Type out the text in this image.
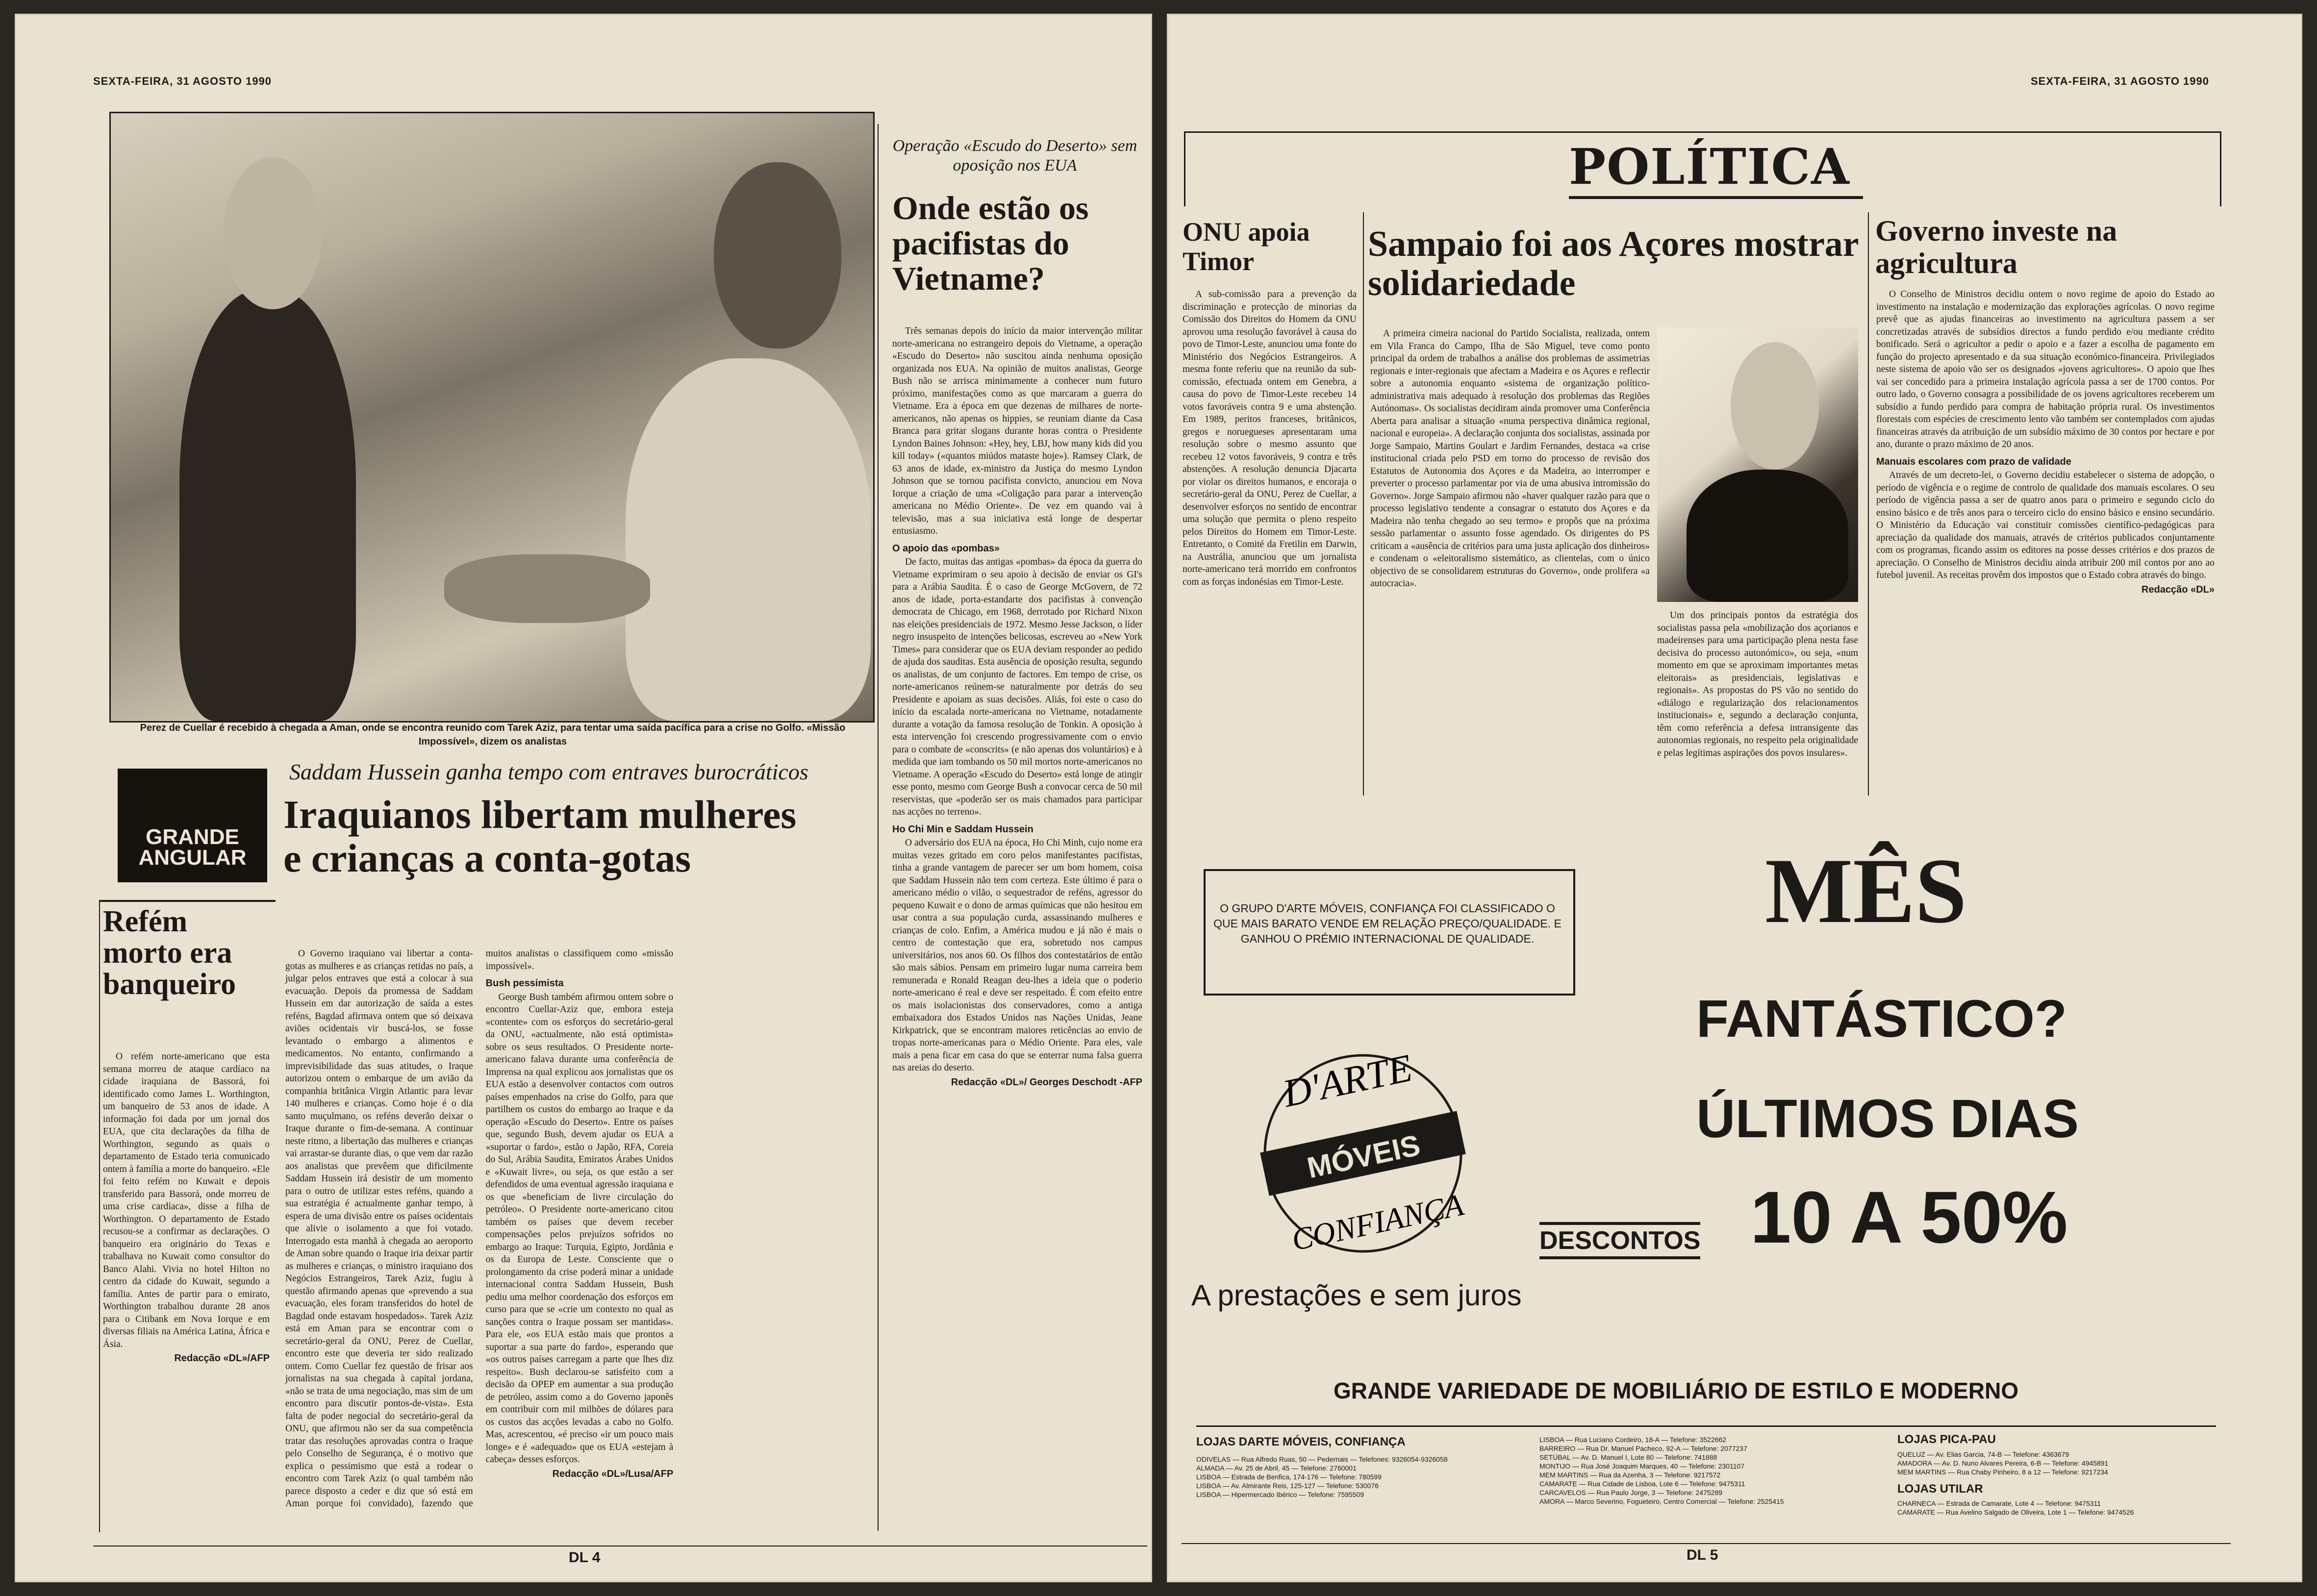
SEXTA-FEIRA, 31 AGOSTO 1990
Perez de Cuellar é recebido à chegada a Aman, onde se encontra reunido com Tarek Aziz, para tentar uma saída pacífica para a crise no Golfo. «Missão Impossível», dizem os analistas
GRANDE
ANGULAR
Saddam Hussein ganha tempo com entraves burocráticos
Iraquianos libertam mulheres e crianças a conta-gotas
Refém morto era banqueiro

O refém norte-americano que esta semana morreu de ataque cardíaco na cidade iraquiana de Bassorá, foi identificado como James L. Worthington, um banqueiro de 53 anos de idade. A informação foi dada por um jornal dos EUA, que cita declarações da filha de Worthington, segundo as quais o departamento de Estado teria comunicado ontem à família a morte do banqueiro. «Ele foi feito refém no Kuwait e depois transferido para Bassorá, onde morreu de uma crise cardíaca», disse a filha de Worthington. O departamento de Estado recusou-se a confirmar as declarações. O banqueiro era originário do Texas e trabalhava no Kuwait como consultor do Banco Alahi. Vivia no hotel Hilton no centro da cidade do Kuwait, segundo a família. Antes de partir para o emirato, Worthington trabalhou durante 28 anos para o Citibank em Nova Iorque e em diversas filiais na América Latina, África e Ásia.

Redacção «DL»/AFP

O Governo iraquiano vai libertar a conta-gotas as mulheres e as crianças retidas no país, a julgar pelos entraves que está a colocar à sua evacuação. Depois da promessa de Saddam Hussein em dar autorização de saída a estes reféns, Bagdad afirmava ontem que só deixava aviões ocidentais vir buscá-los, se fosse levantado o embargo a alimentos e medicamentos. No entanto, confirmando a imprevisibilidade das suas atitudes, o Iraque autorizou ontem o embarque de um avião da companhia britânica Virgin Atlantic para levar 140 mulheres e crianças. Como hoje é o dia santo muçulmano, os reféns deverão deixar o Iraque durante o fim-de-semana. A continuar neste ritmo, a libertação das mulheres e crianças vai arrastar-se durante dias, o que vem dar razão aos analistas que prevêem que dificilmente Saddam Hussein irá desistir de um momento para o outro de utilizar estes reféns, quando a sua estratégia é actualmente ganhar tempo, à espera de uma divisão entre os países ocidentais que alivie o isolamento a que foi votado. Interrogado esta manhã à chegada ao aeroporto de Aman sobre quando o Iraque iria deixar partir as mulheres e crianças, o ministro iraquiano dos Negócios Estrangeiros, Tarek Aziz, fugiu à questão afirmando apenas que «prevendo a sua evacuação, eles foram transferidos do hotel de Bagdad onde estavam hospedados». Tarek Aziz está em Aman para se encontrar com o secretário-geral da ONU, Perez de Cuellar, encontro este que deveria ter sido realizado ontem. Como Cuellar fez questão de frisar aos jornalistas na sua chegada à capital jordana, «não se trata de uma negociação, mas sim de um encontro para discutir pontos-de-vista». Esta falta de poder negocial do secretário-geral da ONU, que afirmou não ser da sua competência tratar das resoluções aprovadas contra o Iraque pelo Conselho de Segurança, é o motivo que explica o pessimismo que está a rodear o encontro com Tarek Aziz (o qual também não parece disposto a ceder e diz que só está em Aman porque foi convidado), fazendo que muitos analistas o classifiquem como «missão impossível».

Bush pessimista

George Bush também afirmou ontem sobre o encontro Cuellar-Aziz que, embora esteja «contente» com os esforços do secretário-geral da ONU, «actualmente, não está optimista» sobre os seus resultados. O Presidente norte-americano falava durante uma conferência de Imprensa na qual explicou aos jornalistas que os EUA estão a desenvolver contactos com outros países empenhados na crise do Golfo, para que partilhem os custos do embargo ao Iraque e da operação «Escudo do Deserto». Entre os países que, segundo Bush, devem ajudar os EUA a «suportar o fardo», estão o Japão, RFA, Coreia do Sul, Arábia Saudita, Emiratos Árabes Unidos e «Kuwait livre», ou seja, os que estão a ser defendidos de uma eventual agressão iraquiana e os que «beneficiam de livre circulação do petróleo». O Presidente norte-americano citou também os países que devem receber compensações pelos prejuízos sofridos no embargo ao Iraque: Turquia, Egipto, Jordânia e os da Europa de Leste. Consciente que o prolongamento da crise poderá minar a unidade internacional contra Saddam Hussein, Bush pediu uma melhor coordenação dos esforços em curso para que se «crie um contexto no qual as sanções contra o Iraque possam ser mantidas». Para ele, «os EUA estão mais que prontos a suportar a sua parte do fardo», esperando que «os outros países carregam a parte que lhes diz respeito». Bush declarou-se satisfeito com a decisão da OPEP em aumentar a sua produção de petróleo, assim como a do Governo japonês em contribuir com mil milhões de dólares para os custos das acções levadas a cabo no Golfo. Mas, acrescentou, «é preciso «ir um pouco mais longe» e é «adequado» que os EUA «estejam à cabeça» desses esforços.

Redacção «DL»/Lusa/AFP
Operação «Escudo do Deserto» sem oposição nos EUA
Onde estão os pacifistas do Vietname?

Três semanas depois do início da maior intervenção militar norte-americana no estrangeiro depois do Vietname, a operação «Escudo do Deserto» não suscitou ainda nenhuma oposição organizada nos EUA. Na opinião de muitos analistas, George Bush não se arrisca minimamente a conhecer num futuro próximo, manifestações como as que marcaram a guerra do Vietname. Era a época em que dezenas de milhares de norte-americanos, não apenas os hippies, se reuniam diante da Casa Branca para gritar slogans durante horas contra o Presidente Lyndon Baines Johnson: «Hey, hey, LBJ, how many kids did you kill today» («quantos miúdos mataste hoje»). Ramsey Clark, de 63 anos de idade, ex-ministro da Justiça do mesmo Lyndon Johnson que se tornou pacifista convicto, anunciou em Nova Iorque a criação de uma «Coligação para parar a intervenção americana no Médio Oriente». De vez em quando vai à televisão, mas a sua iniciativa está longe de despertar entusiasmo.

O apoio das «pombas»

De facto, muitas das antigas «pombas» da época da guerra do Vietname exprimiram o seu apoio à decisão de enviar os GI's para a Arábia Saudita. É o caso de George McGovern, de 72 anos de idade, porta-estandarte dos pacifistas à convenção democrata de Chicago, em 1968, derrotado por Richard Nixon nas eleições presidenciais de 1972. Mesmo Jesse Jackson, o líder negro insuspeito de intenções belicosas, escreveu ao «New York Times» para considerar que os EUA deviam responder ao pedido de ajuda dos sauditas. Esta ausência de oposição resulta, segundo os analistas, de um conjunto de factores. Em tempo de crise, os norte-americanos reúnem-se naturalmente por detrás do seu Presidente e apoiam as suas decisões. Aliás, foi este o caso do início da escalada norte-americana no Vietname, notadamente durante a votação da famosa resolução de Tonkin. A oposição à esta intervenção foi crescendo progressivamente com o envio para o combate de «conscrits» (e não apenas dos voluntários) e à medida que iam tombando os 50 mil mortos norte-americanos no Vietname. A operação «Escudo do Deserto» está longe de atingir esse ponto, mesmo com George Bush a convocar cerca de 50 mil reservistas, que «poderão ser os mais chamados para participar nas acções no terreno».

Ho Chi Min e Saddam Hussein

O adversário dos EUA na época, Ho Chi Minh, cujo nome era muitas vezes gritado em coro pelos manifestantes pacifistas, tinha a grande vantagem de parecer ser um bom homem, coisa que Saddam Hussein não tem com certeza. Este último é para o americano médio o vilão, o sequestrador de reféns, agressor do pequeno Kuwait e o dono de armas químicas que não hesitou em usar contra a sua população curda, assassinando mulheres e crianças de colo. Enfim, a América mudou e já não é mais o centro de contestação que era, sobretudo nos campus universitários, nos anos 60. Os filhos dos contestatários de então são mais sábios. Pensam em primeiro lugar numa carreira bem remunerada e Ronald Reagan deu-lhes a ideia que o poderio norte-americano é real e deve ser respeitado. É com efeito entre os mais isolacionistas dos conservadores, como a antiga embaixadora dos Estados Unidos nas Nações Unidas, Jeane Kirkpatrick, que se encontram maiores reticências ao envio de tropas norte-americanas para o Médio Oriente. Para eles, vale mais a pena ficar em casa do que se enterrar numa falsa guerra nas areias do deserto.

Redacção «DL»/ Georges Deschodt -AFP
DL 4
SEXTA-FEIRA, 31 AGOSTO 1990
POLÍTICA
ONU apoia Timor

A sub-comissão para a prevenção da discriminação e protecção de minorias da Comissão dos Direitos do Homem da ONU aprovou uma resolução favorável à causa do povo de Timor-Leste, anunciou uma fonte do Ministério dos Negócios Estrangeiros. A mesma fonte referiu que na reunião da sub-comissão, efectuada ontem em Genebra, a causa do povo de Timor-Leste recebeu 14 votos favoráveis contra 9 e uma abstenção. Em 1989, peritos franceses, britânicos, gregos e noruegueses apresentaram uma resolução sobre o mesmo assunto que recebeu 12 votos favoráveis, 9 contra e três abstenções. A resolução denuncia Djacarta por violar os direitos humanos, e encoraja o secretário-geral da ONU, Perez de Cuellar, a desenvolver esforços no sentido de encontrar uma solução que permita o pleno respeito pelos Direitos do Homem em Timor-Leste. Entretanto, o Comité da Fretilin em Darwin, na Austrália, anunciou que um jornalista norte-americano terá morrido em confrontos com as forças indonésias em Timor-Leste.

Sampaio foi aos Açores mostrar solidariedade

A primeira cimeira nacional do Partido Socialista, realizada, ontem em Vila Franca do Campo, Ilha de São Miguel, teve como ponto principal da ordem de trabalhos a análise dos problemas de assimetrias regionais e inter-regionais que afectam a Madeira e os Açores e reflectir sobre a autonomia enquanto «sistema de organização político-administrativa mais adequado à resolução dos problemas das Regiões Autónomas». Os socialistas decidiram ainda promover uma Conferência Aberta para analisar a situação «numa perspectiva dinâmica regional, nacional e europeia». A declaração conjunta dos socialistas, assinada por Jorge Sampaio, Martins Goulart e Jardim Fernandes, destaca «a crise institucional criada pelo PSD em torno do processo de revisão dos Estatutos de Autonomia dos Açores e da Madeira, ao interromper e preverter o processo parlamentar por via de uma abusiva intromissão do Governo». Jorge Sampaio afirmou não «haver qualquer razão para que o processo legislativo tendente a consagrar o estatuto dos Açores e da Madeira não tenha chegado ao seu termo» e propôs que na próxima sessão parlamentar o assunto fosse agendado. Os dirigentes do PS criticam a «ausência de critérios para uma justa aplicação dos dinheiros» e condenam o «eleitoralismo sistemático, as clientelas, com o único objectivo de se consolidarem estruturas do Governo», onde prolifera «a autocracia».

Um dos principais pontos da estratégia dos socialistas passa pela «mobilização dos açorianos e madeirenses para uma participação plena nesta fase decisiva do processo autonómico», ou seja, «num momento em que se aproximam importantes metas eleitorais» as presidenciais, legislativas e regionais». As propostas do PS vão no sentido do «diálogo e regularização dos relacionamentos institucionais» e, segundo a declaração conjunta, têm como referência a defesa intransigente das autonomias regionais, no respeito pela originalidade e pelas legítimas aspirações dos povos insulares».

Governo investe na agricultura

O Conselho de Ministros decidiu ontem o novo regime de apoio do Estado ao investimento na instalação e modernização das explorações agrícolas. O novo regime prevê que as ajudas financeiras ao investimento na agricultura passem a ser concretizadas através de subsídios directos a fundo perdido e/ou mediante crédito bonificado. Será o agricultor a pedir o apoio e a fazer a escolha de pagamento em função do projecto apresentado e da sua situação económico-financeira. Privilegiados neste sistema de apoio vão ser os designados «jovens agricultores». O apoio que lhes vai ser concedido para a primeira instalação agrícola passa a ser de 1700 contos. Por outro lado, o Governo consagra a possibilidade de os jovens agricultores receberem um subsídio a fundo perdido para compra de habitação própria rural. Os investimentos florestais com espécies de crescimento lento vão também ser contemplados com ajudas financeiras através da atribuição de um subsídio máximo de 30 contos por hectare e por ano, durante o prazo máximo de 20 anos.

Manuais escolares com prazo de validade

Através de um decreto-lei, o Governo decidiu estabelecer o sistema de adopção, o período de vigência e o regime de controlo de qualidade dos manuais escolares. O seu período de vigência passa a ser de quatro anos para o primeiro e segundo ciclo do ensino básico e de três anos para o terceiro ciclo do ensino básico e ensino secundário. O Ministério da Educação vai constituir comissões científico-pedagógicas para apreciação da qualidade dos manuais, através de critérios publicados conjuntamente com os programas, ficando assim os editores na posse desses critérios e dos prazos de apreciação. O Conselho de Ministros decidiu ainda atribuir 200 mil contos por ano ao futebol juvenil. As receitas provêm dos impostos que o Estado cobra através do bingo.

Redacção «DL»
O GRUPO D'ARTE MÓVEIS, CONFIANÇA FOI CLASSIFICADO O QUE MAIS BARATO VENDE EM RELAÇÃO PREÇO/QUALIDADE. E GANHOU O PRÉMIO INTERNACIONAL DE QUALIDADE.
D'ARTE
MÓVEIS
CONFIANÇA
MÊS
FANTÁSTICO?
ÚLTIMOS DIAS
DESCONTOS 10 A 50%
A prestações e sem juros
GRANDE VARIEDADE DE MOBILIÁRIO DE ESTILO E MODERNO
LOJAS DARTE MÓVEIS, CONFIANÇA
ODIVELAS — Rua Alfredo Ruas, 50 — Pedernais — Telefones: 9326054-9326058
ALMADA — Av. 25 de Abril, 45 — Telefone: 2760001
LISBOA — Estrada de Benfica, 174-176 — Telefone: 780599
LISBOA — Av. Almirante Reis, 125-127 — Telefone: 530076
LISBOA — Hipermercado Ibérico — Telefone: 7595509
LISBOA — Rua Luciano Cordeiro, 18-A — Telefone: 3522662
BARREIRO — Rua Dr. Manuel Pacheco, 92-A — Telefone: 2077237
SETÚBAL — Av. D. Manuel I, Lote 80 — Telefone: 741888
MONTIJO — Rua José Joaquim Marques, 40 — Telefone: 2301107
MEM MARTINS — Rua da Azenha, 3 — Telefone: 9217572
CAMARATE — Rua Cidade de Lisboa, Lote 6 — Telefone: 9475311
CARCAVELOS — Rua Paulo Jorge, 3 — Telefone: 2475289
AMORA — Marco Severino, Fogueteiro, Centro Comercial — Telefone: 2525415
LOJAS PICA-PAU
QUELUZ — Av. Elias Garcia, 74-B — Telefone: 4363679
AMADORA — Av. D. Nuno Alvares Pereira, 6-B — Telefone: 4945891
MEM MARTINS — Rua Chaby Pinheiro, 8 a 12 — Telefone: 9217234
LOJAS UTILAR
CHARNECA — Estrada de Camarate, Lote 4 — Telefone: 9475311
CAMARATE — Rua Avelino Salgado de Oliveira, Lote 1 — Telefone: 9474526
DL 5
